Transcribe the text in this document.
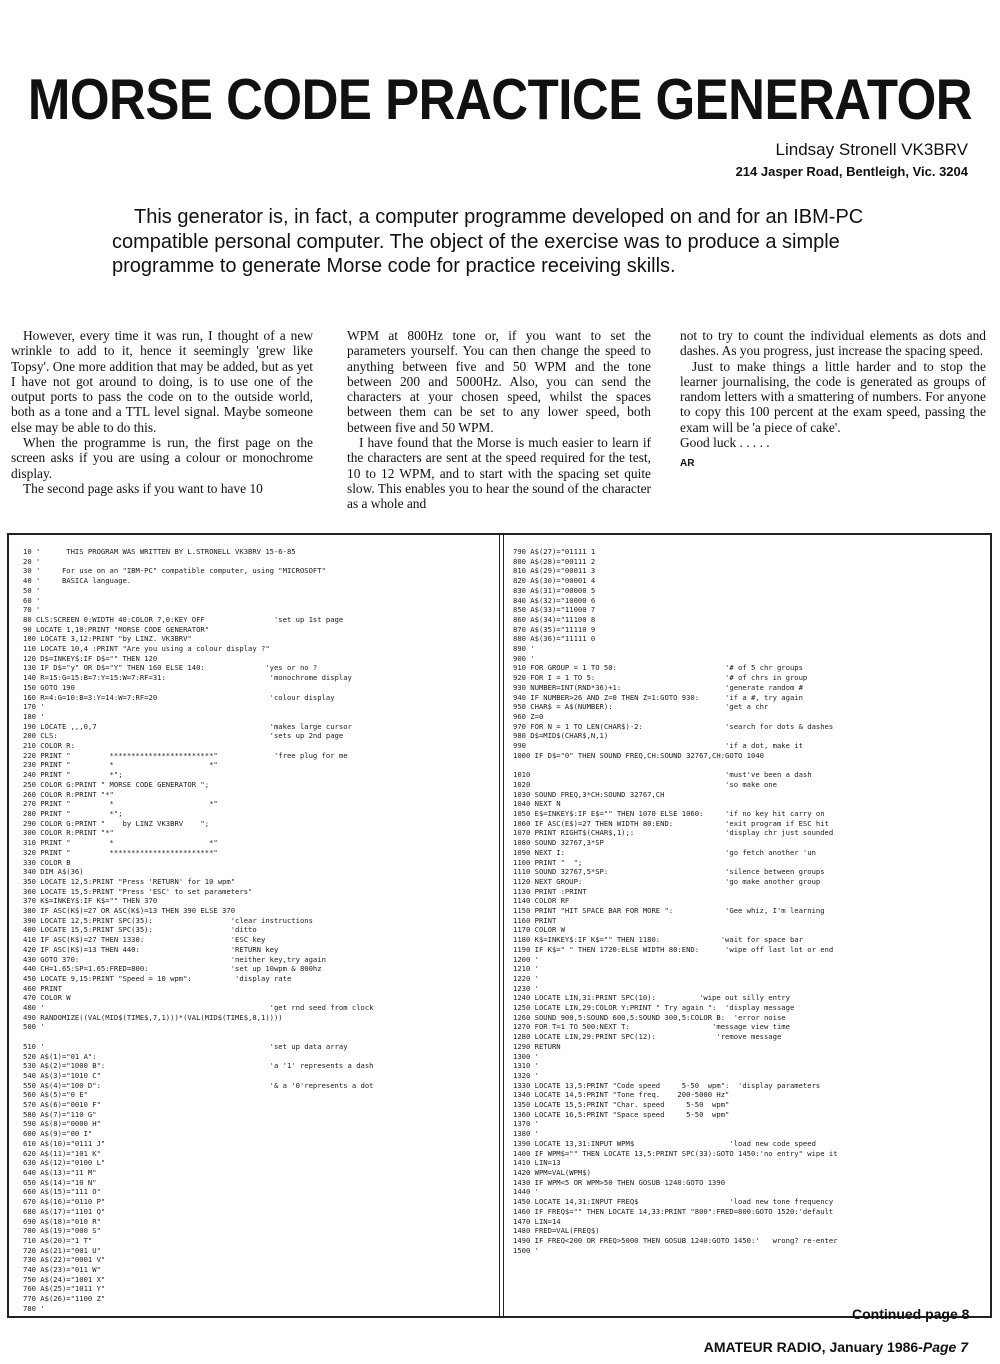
MORSE CODE PRACTICE GENERATOR
Lindsay Stronell VK3BRV
214 Jasper Road, Bentleigh, Vic. 3204

This generator is, in fact, a computer programme developed on and for an IBM-PC compatible personal computer. The object of the exercise was to produce a simple programme to generate Morse code for practice receiving skills.

However, every time it was run, I thought of a new wrinkle to add to it, hence it seemingly 'grew like Topsy'. One more addition that may be added, but as yet I have not got around to doing, is to use one of the output ports to pass the code on to the outside world, both as a tone and a TTL level signal. Maybe someone else may be able to do this.

When the programme is run, the first page on the screen asks if you are using a colour or monochrome display.

The second page asks if you want to have 10

WPM at 800Hz tone or, if you want to set the parameters yourself. You can then change the speed to anything between five and 50 WPM and the tone between 200 and 5000Hz. Also, you can send the characters at your chosen speed, whilst the spaces between them can be set to any lower speed, both between five and 50 WPM.

I have found that the Morse is much easier to learn if the characters are sent at the speed required for the test, 10 to 12 WPM, and to start with the spacing set quite slow. This enables you to hear the sound of the character as a whole and

not to try to count the individual elements as dots and dashes. As you progress, just increase the spacing speed.

Just to make things a little harder and to stop the learner journalising, the code is generated as groups of random letters with a smattering of numbers. For anyone to copy this 100 percent at the exam speed, passing the exam will be 'a piece of cake'.

Good luck . . . . .

AR

10 '      THIS PROGRAM WAS WRITTEN BY L.STRONELL VK3BRV 15-6-85
20 '
30 '     For use on an "IBM-PC" compatible computer, using "MICROSOFT"
40 '     BASICA language.
50 '
60 '
70 '
80 CLS:SCREEN 0:WIDTH 40:COLOR 7,0:KEY OFF                'set up 1st page
90 LOCATE 1,10:PRINT "MORSE CODE GENERATOR"
100 LOCATE 3,12:PRINT "by LINZ. VK3BRV"
110 LOCATE 10,4 :PRINT "Are you using a colour display ?"
120 D$=INKEY$:IF D$="" THEN 120
130 IF D$="y" OR D$="Y" THEN 160 ELSE 140:              'yes or no ?
140 R=15:G=15:B=7:Y=15:W=7:RF=31:                        'monochrome display
150 GOTO 190
160 R=4:G=10:B=3:Y=14:W=7:RF=20                          'colour display
170 '
180 '
190 LOCATE ,,,0,7                                        'makes large cursor
200 CLS:                                                 'sets up 2nd page
210 COLOR R:
220 PRINT "         ************************"             'free plug for me
230 PRINT "         *                      *"
240 PRINT "         *";
250 COLOR G:PRINT " MORSE CODE GENERATOR ";
260 COLOR R:PRINT "*"
270 PRINT "         *                      *"
280 PRINT "         *";
290 COLOR G:PRINT "    by LINZ VK3BRV    ";
300 COLOR R:PRINT "*"
310 PRINT "         *                      *"
320 PRINT "         ************************"
330 COLOR B
340 DIM A$(36)
350 LOCATE 12,5:PRINT "Press 'RETURN' for 10 wpm"
360 LOCATE 15,5:PRINT "Press 'ESC' to set parameters"
370 K$=INKEY$:IF K$="" THEN 370
380 IF ASC(K$)=27 OR ASC(K$)=13 THEN 390 ELSE 370
390 LOCATE 12,5:PRINT SPC(35):                  'clear instructions
400 LOCATE 15,5:PRINT SPC(35):                  'ditto
410 IF ASC(K$)=27 THEN 1330:                    'ESC key
420 IF ASC(K$)=13 THEN 440:                     'RETURN key
430 GOTO 370:                                   'neither key,try again
440 CH=1.65:SP=1.65:FRED=800:                   'set up 10wpm & 800hz
450 LOCATE 9,15:PRINT "Speed = 10 wpm":          'display rate
460 PRINT
470 COLOR W
480 '                                                    'get rnd seed from clock
490 RANDOMIZE((VAL(MID$(TIME$,7,1)))*(VAL(MID$(TIME$,8,1))))
500 '

510 '                                                    'set up data array
520 A$(1)="01 A":
530 A$(2)="1000 B":                                      'a '1' represents a dash
540 A$(3)="1010 C"
550 A$(4)="100 D":                                       '& a '0'represents a dot
560 A$(5)="0 E"
570 A$(6)="0010 F"
580 A$(7)="110 G"
590 A$(8)="0000 H"
600 A$(9)="00 I"
610 A$(10)="0111 J"
620 A$(11)="101 K"
630 A$(12)="0100 L"
640 A$(13)="11 M"
650 A$(14)="10 N"
660 A$(15)="111 O"
670 A$(16)="0110 P"
680 A$(17)="1101 Q"
690 A$(18)="010 R"
700 A$(19)="000 S"
710 A$(20)="1 T"
720 A$(21)="001 U"
730 A$(22)="0001 V"
740 A$(23)="011 W"
750 A$(24)="1001 X"
760 A$(25)="1011 Y"
770 A$(26)="1100 Z"
780 '
790 A$(27)="01111 1
800 A$(28)="00111 2
810 A$(29)="00011 3
820 A$(30)="00001 4
830 A$(31)="00000 5
840 A$(32)="10000 6
850 A$(33)="11000 7
860 A$(34)="11100 8
870 A$(35)="11110 9
880 A$(36)="11111 0
890 '
900 '
910 FOR GROUP = 1 TO 50:                         '# of 5 chr groups
920 FOR I = 1 TO 5:                              '# of chrs in group
930 NUMBER=INT(RND*36)+1:                        'generate random #
940 IF NUMBER>26 AND Z=0 THEN Z=1:GOTO 930:      'if a #, try again
950 CHAR$ = A$(NUMBER):                          'get a chr
960 Z=0
970 FOR N = 1 TO LEN(CHAR$)-2:                   'search for dots & dashes
980 D$=MID$(CHAR$,N,1)
990                                              'if a dot, make it
1000 IF D$="0" THEN SOUND FREQ,CH:SOUND 32767,CH:GOTO 1040

1010                                             'must've been a dash
1020                                             'so make one
1030 SOUND FREQ,3*CH:SOUND 32767,CH
1040 NEXT N
1050 E$=INKEY$:IF E$="" THEN 1070 ELSE 1060:     'if no key hit carry on
1060 IF ASC(E$)=27 THEN WIDTH 80:END:            'exit program if ESC hit
1070 PRINT RIGHT$(CHAR$,1);:                     'display chr just sounded
1080 SOUND 32767,3*SP
1090 NEXT I:                                     'go fetch another 'un
1100 PRINT "  ";
1110 SOUND 32767,5*SP:                           'silence between groups
1120 NEXT GROUP:                                 'go make another group
1130 PRINT :PRINT
1140 COLOR RF
1150 PRINT "HIT SPACE BAR FOR MORE ":            'Gee whiz, I'm learning
1160 PRINT
1170 COLOR W
1180 K$=INKEY$:IF K$="" THEN 1180:              'wait for space bar
1190 IF K$=" " THEN 1720:ELSE WIDTH 80:END:      'wipe off last lot or end
1200 '
1210 '
1220 '
1230 '
1240 LOCATE LIN,31:PRINT SPC(10):          'wipe out silly entry
1250 LOCATE LIN,29:COLOR Y:PRINT " Try again ":  'display message
1260 SOUND 900,5:SOUND 600,5:SOUND 300,5:COLOR B:  'error noise
1270 FOR T=1 TO 500:NEXT T:                   'message view time
1280 LOCATE LIN,29:PRINT SPC(12):              'remove message
1290 RETURN
1300 '
1310 '
1320 '
1330 LOCATE 13,5:PRINT "Code speed     5-50  wpm":  'display parameters
1340 LOCATE 14,5:PRINT "Tone freq.    200-5000 Hz"
1350 LOCATE 15,5:PRINT "Char. speed     5-50  wpm"
1360 LOCATE 16,5:PRINT "Space speed     5-50  wpm"
1370 '
1380 '
1390 LOCATE 13,31:INPUT WPM$                      'load new code speed
1400 IF WPM$="" THEN LOCATE 13,5:PRINT SPC(33):GOTO 1450:'no entry" wipe it
1410 LIN=13
1420 WPM=VAL(WPM$)
1430 IF WPM<5 OR WPM>50 THEN GOSUB 1240:GOTO 1390
1440 '
1450 LOCATE 14,31:INPUT FREQ$                     'load new tone frequency
1460 IF FREQ$="" THEN LOCATE 14,33:PRINT "800":FRED=800:GOTO 1520:'default
1470 LIN=14
1480 FRED=VAL(FREQ$)
1490 IF FREQ<200 OR FREQ>5000 THEN GOSUB 1240:GOTO 1450:'   wrong? re-enter
1500 '
Continued page 8
AMATEUR RADIO, January 1986-Page 7
